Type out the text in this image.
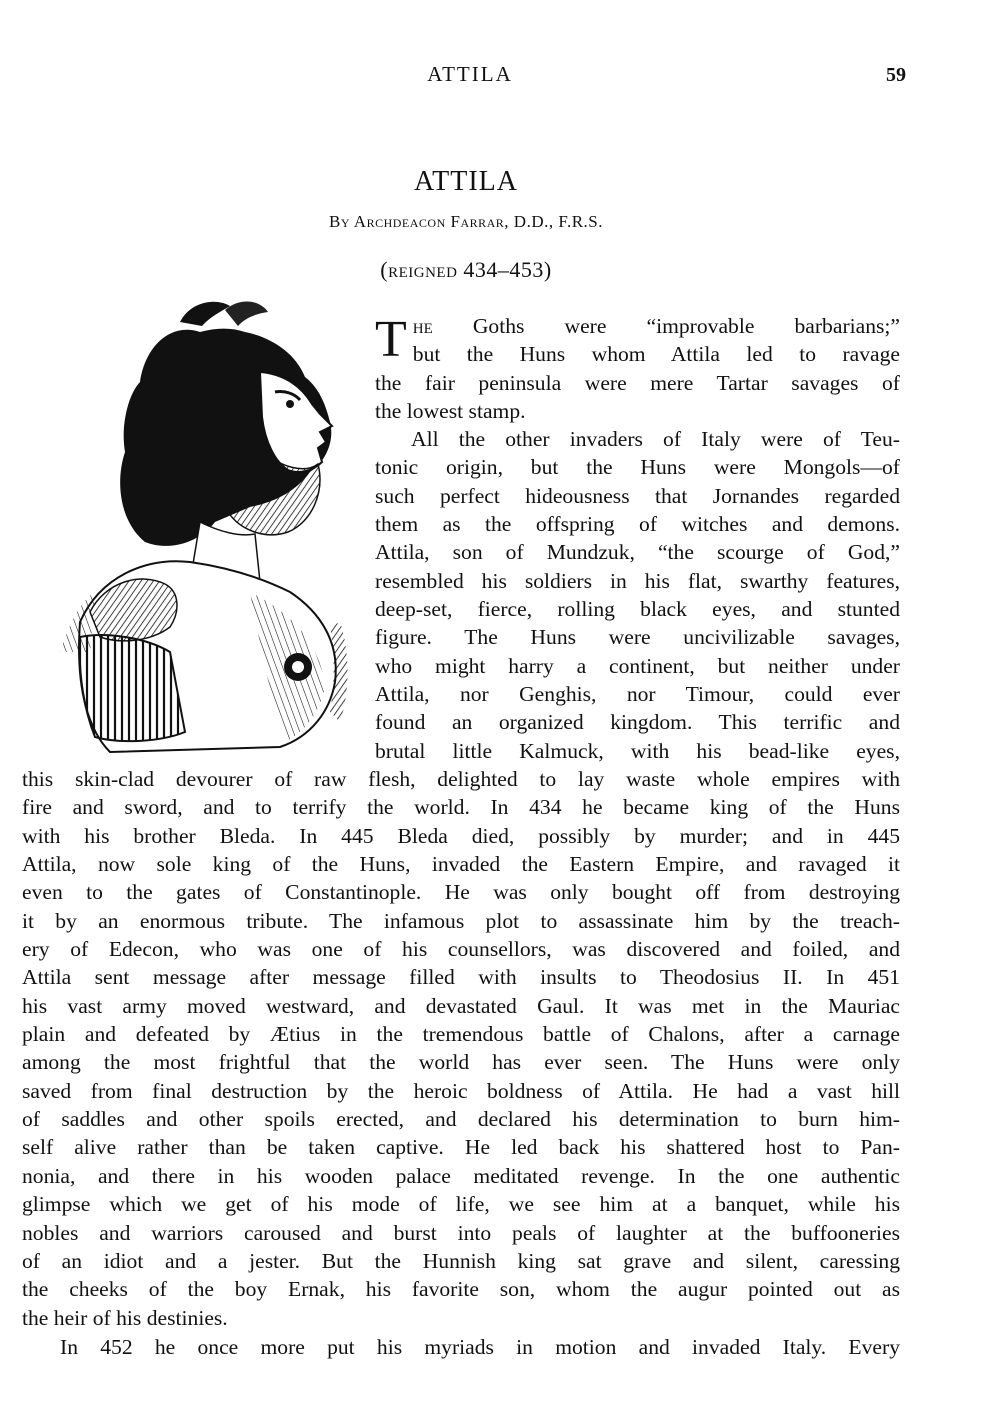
ATTILA	59
ATTILA
By Archdeacon Farrar, D.D., F.R.S.
(reigned 434–453)

The Goths were “improvable barbarians;”
but the Huns whom Attila led to ravage
the fair peninsula were mere Tartar savages of
the lowest stamp.

All the other invaders of Italy were of Teu-
tonic origin, but the Huns were Mongols—of
such perfect hideousness that Jornandes regarded
them as the offspring of witches and demons.
Attila, son of Mundzuk, “the scourge of God,”
resembled his soldiers in his flat, swarthy features,
deep-set, fierce, rolling black eyes, and stunted
figure. The Huns were uncivilizable savages,
who might harry a continent, but neither under
Attila, nor Genghis, nor Timour, could ever
found an organized kingdom. This terrific and
brutal little Kalmuck, with his bead-like eyes,
this skin-clad devourer of raw flesh, delighted to lay waste whole empires with
fire and sword, and to terrify the world. In 434 he became king of the Huns
with his brother Bleda. In 445 Bleda died, possibly by murder; and in 445
Attila, now sole king of the Huns, invaded the Eastern Empire, and ravaged it
even to the gates of Constantinople. He was only bought off from destroying
it by an enormous tribute. The infamous plot to assassinate him by the treach-
ery of Edecon, who was one of his counsellors, was discovered and foiled, and
Attila sent message after message filled with insults to Theodosius II. In 451
his vast army moved westward, and devastated Gaul. It was met in the Mauriac
plain and defeated by Ætius in the tremendous battle of Chalons, after a carnage
among the most frightful that the world has ever seen. The Huns were only
saved from final destruction by the heroic boldness of Attila. He had a vast hill
of saddles and other spoils erected, and declared his determination to burn him-
self alive rather than be taken captive. He led back his shattered host to Pan-
nonia, and there in his wooden palace meditated revenge. In the one authentic
glimpse which we get of his mode of life, we see him at a banquet, while his
nobles and warriors caroused and burst into peals of laughter at the buffooneries
of an idiot and a jester. But the Hunnish king sat grave and silent, caressing
the cheeks of the boy Ernak, his favorite son, whom the augur pointed out as
the heir of his destinies.
In 452 he once more put his myriads in motion and invaded Italy. Every
